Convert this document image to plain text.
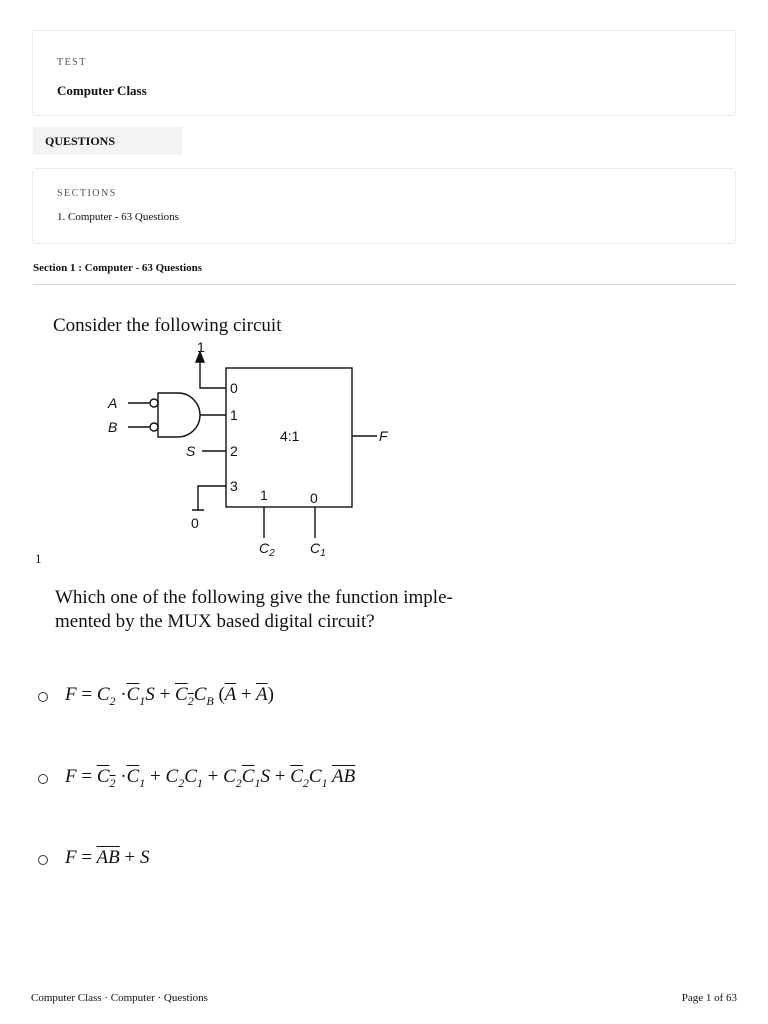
TEST
Computer Class
QUESTIONS
SECTIONS
1. Computer - 63 Questions
Section 1 : Computer - 63 Questions
Consider the following circuit
1
A
B
S
0
0
1
2
3
4:1	F
1	0
$C_2$	$C_1$
1
Which one of the following give the function imple-
mented by the MUX based digital circuit?
$F = C_2 \cdot\overline{C}_1S + C_2C_B$ $(\overline{A} + \overline{A})$
$F = C_2 \cdot\overline{C}_1 + C_2C_1 + C_2\overline{C}_1S + \overline{C}_2C_1$ $\overline{AB}$
$F = \overline{AB} + S$
Computer Class · Computer · Questions	Page 1 of 63
